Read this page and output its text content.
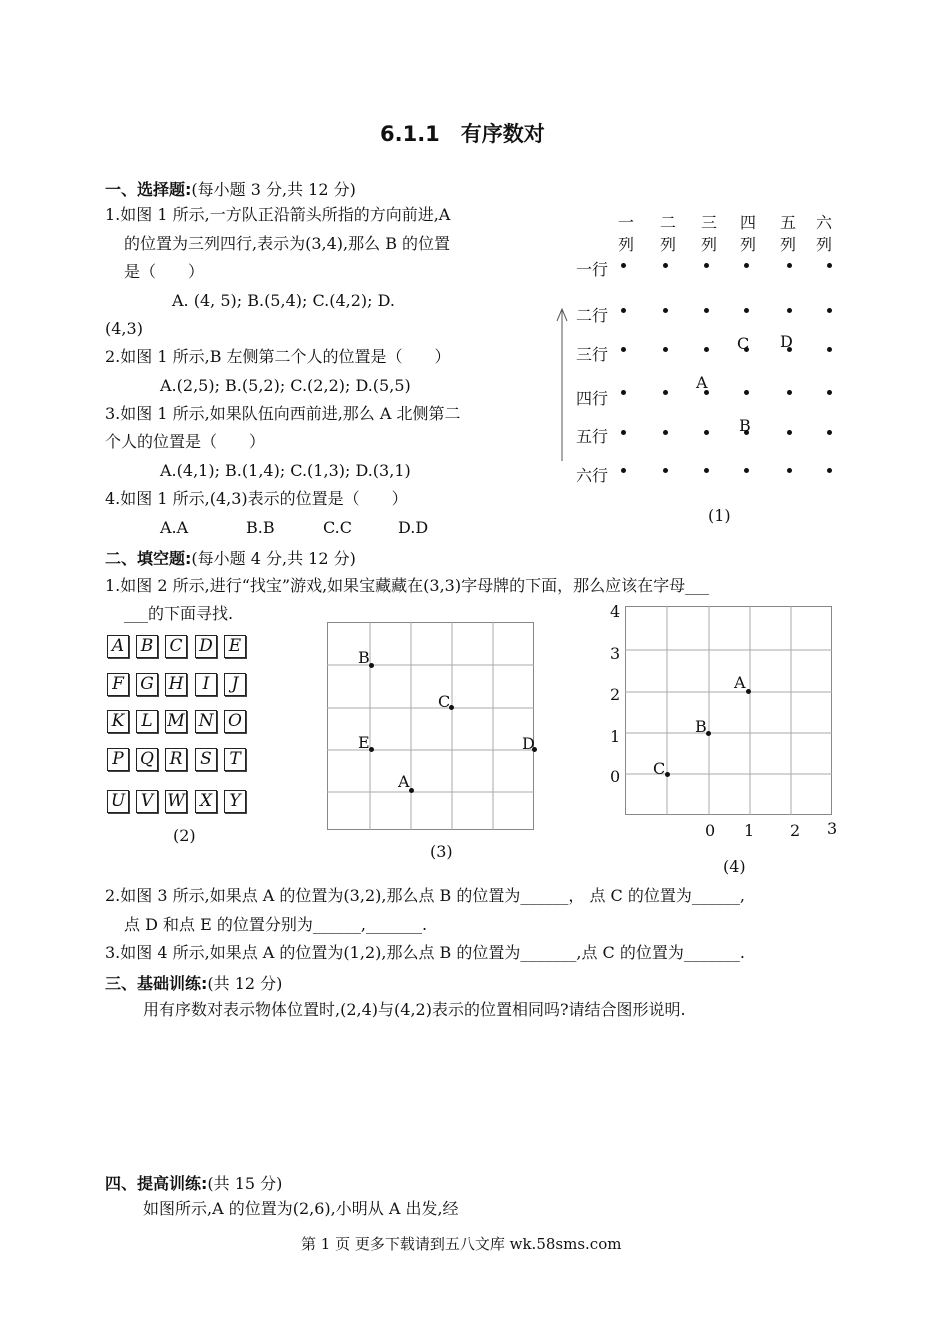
6.1.1　有序数对
一、选择题:(每小题 3 分,共 12 分)
1.如图 1 所示,一方队正沿箭头所指的方向前进,A
的位置为三列四行,表示为(3,4),那么 B 的位置
是（　　）
A. (4, 5); B.(5,4); C.(4,2); D.
(4,3)
2.如图 1 所示,B 左侧第二个人的位置是（　　）
A.(2,5); B.(5,2); C.(2,2); D.(5,5)
3.如图 1 所示,如果队伍向西前进,那么 A 北侧第二
个人的位置是（　　）
A.(4,1); B.(1,4); C.(1,3); D.(3,1)
4.如图 1 所示,(4,3)表示的位置是（　　）
A.A	B.B	C.C	D.D
一
列
二
列
三
列
四
列
五
列
六
列
一行
二行
三行
四行
五行
六行
A
B
C D
(1)
二、填空题:(每小题 4 分,共 12 分)
1.如图 2 所示,进行“找宝”游戏,如果宝藏藏在(3,3)字母牌的下面，那么应该在字母___
___的下面寻找.
A B C D E
F G H	I	J
K	L M N O
P Q R	S	T
U V W X	Y
(2)
B
C
E	D
A
(3)
4
3
2
1
0
0 1 2 3
A
B
C
(4)
2.如图 3 所示,如果点 A 的位置为(3,2),那么点 B 的位置为______， 点 C 的位置为______,
点 D 和点 E 的位置分别为______,_______.
3.如图 4 所示,如果点 A 的位置为(1,2),那么点 B 的位置为_______,点 C 的位置为_______.
三、基础训练:(共 12 分)
用有序数对表示物体位置时,(2,4)与(4,2)表示的位置相同吗?请结合图形说明.
四、提高训练:(共 15 分)
如图所示,A 的位置为(2,6),小明从 A 出发,经
第 1 页 更多下载请到五八文库 wk.58sms.com
